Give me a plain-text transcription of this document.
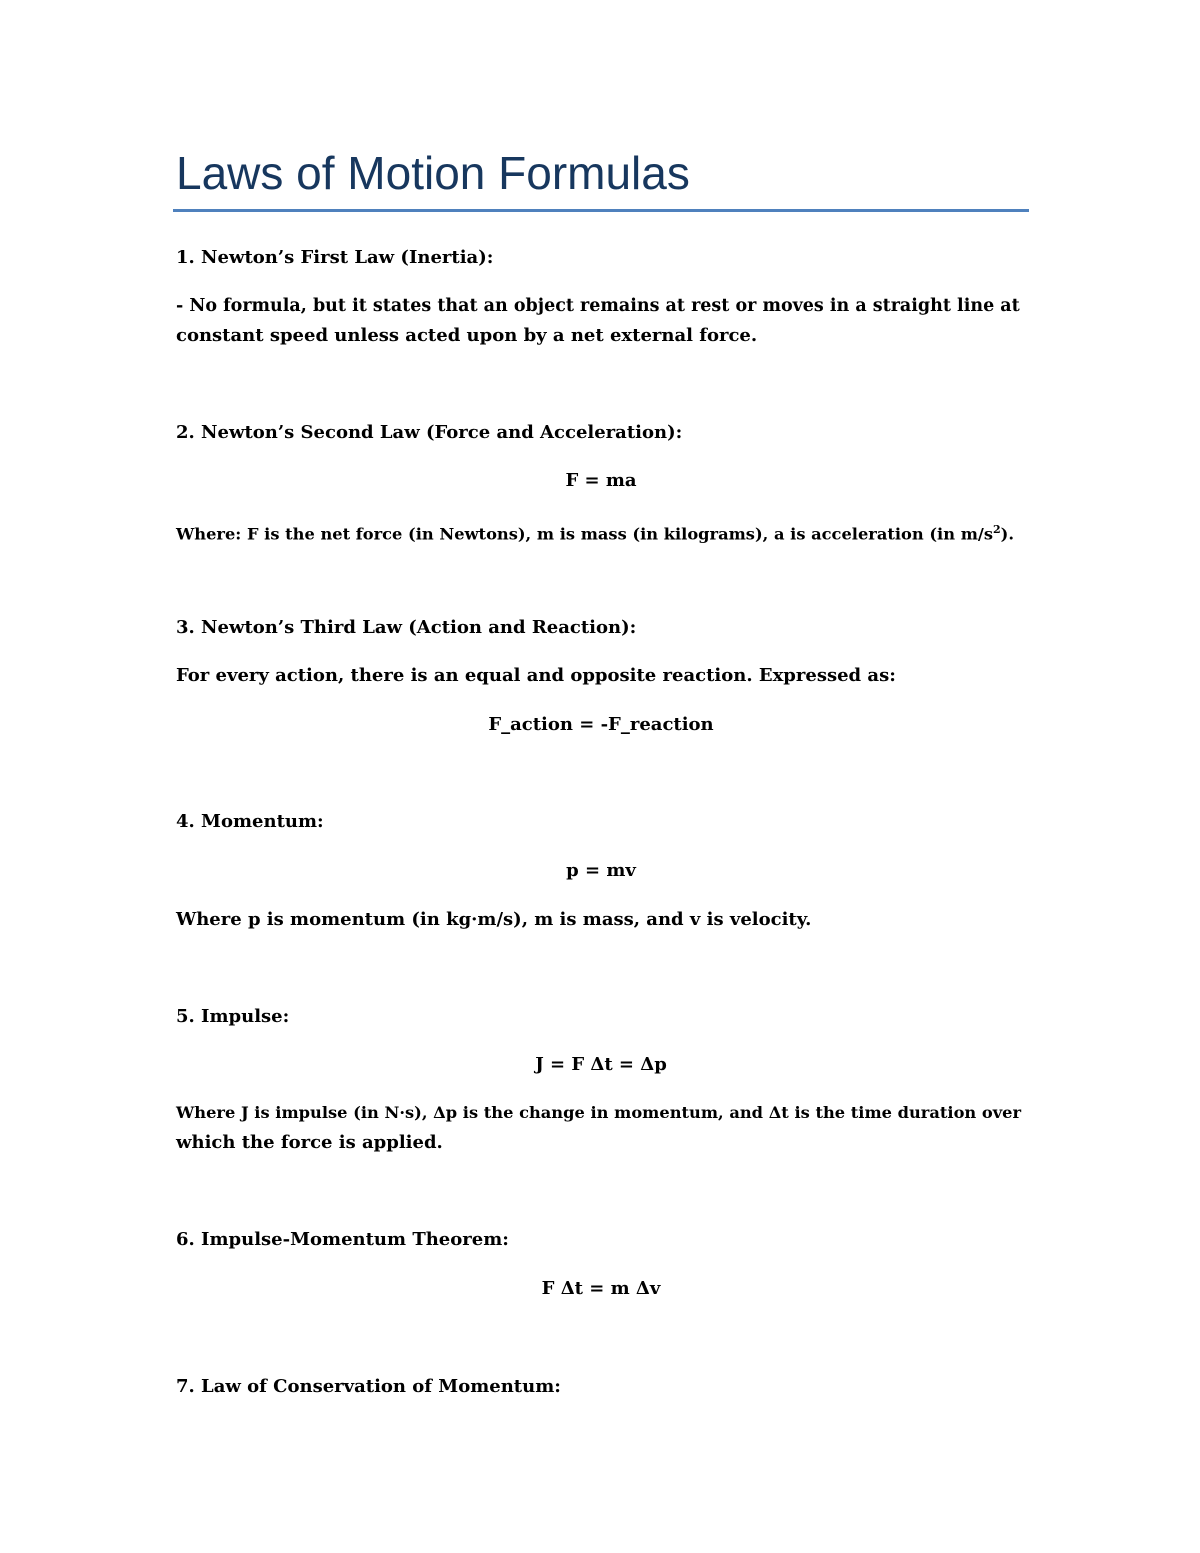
Laws of Motion Formulas
1. Newton’s First Law (Inertia):
- No formula, but it states that an object remains at rest or moves in a straight line at
constant speed unless acted upon by a net external force.
2. Newton’s Second Law (Force and Acceleration):
F = ma
Where: F is the net force (in Newtons), m is mass (in kilograms), a is acceleration (in $m/s^2$).
3. Newton’s Third Law (Action and Reaction):
For every action, there is an equal and opposite reaction. Expressed as:
F_action = -F_reaction
4. Momentum:
p = mv
Where p is momentum (in kg·m/s), m is mass, and v is velocity.
5. Impulse:
J = F Δt = Δp
Where J is impulse (in N·s), Δp is the change in momentum, and Δt is the time duration over
which the force is applied.
6. Impulse-Momentum Theorem:
F Δt = m Δv
7. Law of Conservation of Momentum:
